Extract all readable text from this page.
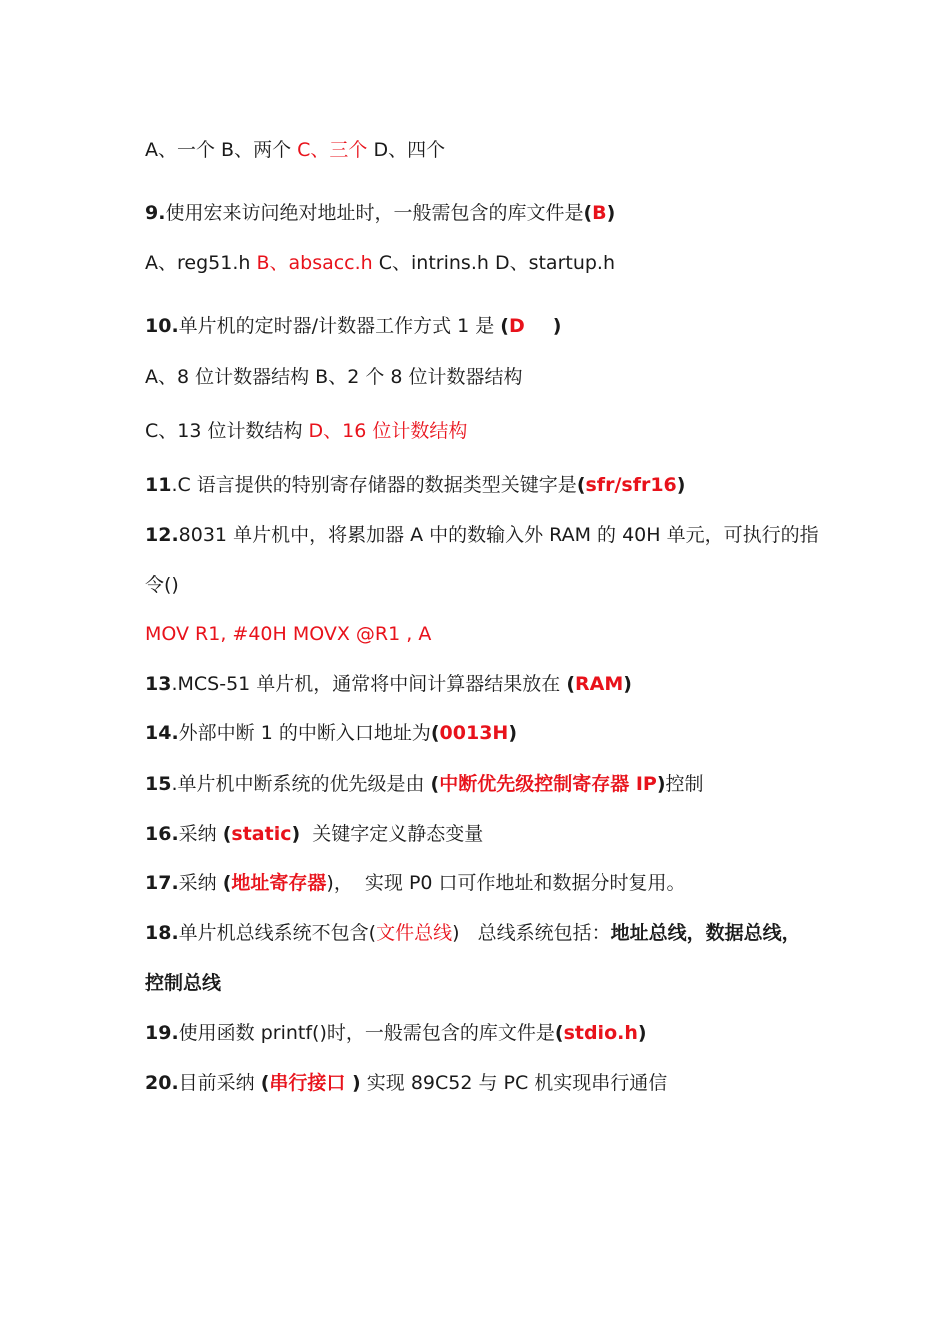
A、一个 B、两个 C、三个 D、四个

9.使用宏来访问绝对地址时，一般需包含的库文件是(B)

A、reg51.h B、absacc.h C、intrins.h D、startup.h

10.单片机的定时器/计数器工作方式 1 是 (D )

A、8 位计数器结构 B、2 个 8 位计数器结构

C、13 位计数结构 D、16 位计数结构

11.C 语言提供的特别寄存储器的数据类型关键字是(sfr/sfr16)

12.8031 单片机中，将累加器 A 中的数输入外 RAM 的 40H 单元，可执行的指

令()

MOV R1, #40H MOVX @R1 , A

13.MCS-51 单片机，通常将中间计算器结果放在 (RAM)

14.外部中断 1 的中断入口地址为(0013H)

15.单片机中断系统的优先级是由 (中断优先级控制寄存器 IP)控制

16.采纳 (static)  关键字定义静态变量

17.采纳 (地址寄存器)，  实现 P0 口可作地址和数据分时复用。

18.单片机总线系统不包含(文件总线)   总线系统包括：地址总线，数据总线，

控制总线

19.使用函数 printf()时，一般需包含的库文件是(stdio.h)

20.目前采纳 (串行接口 ) 实现 89C52 与 PC 机实现串行通信
